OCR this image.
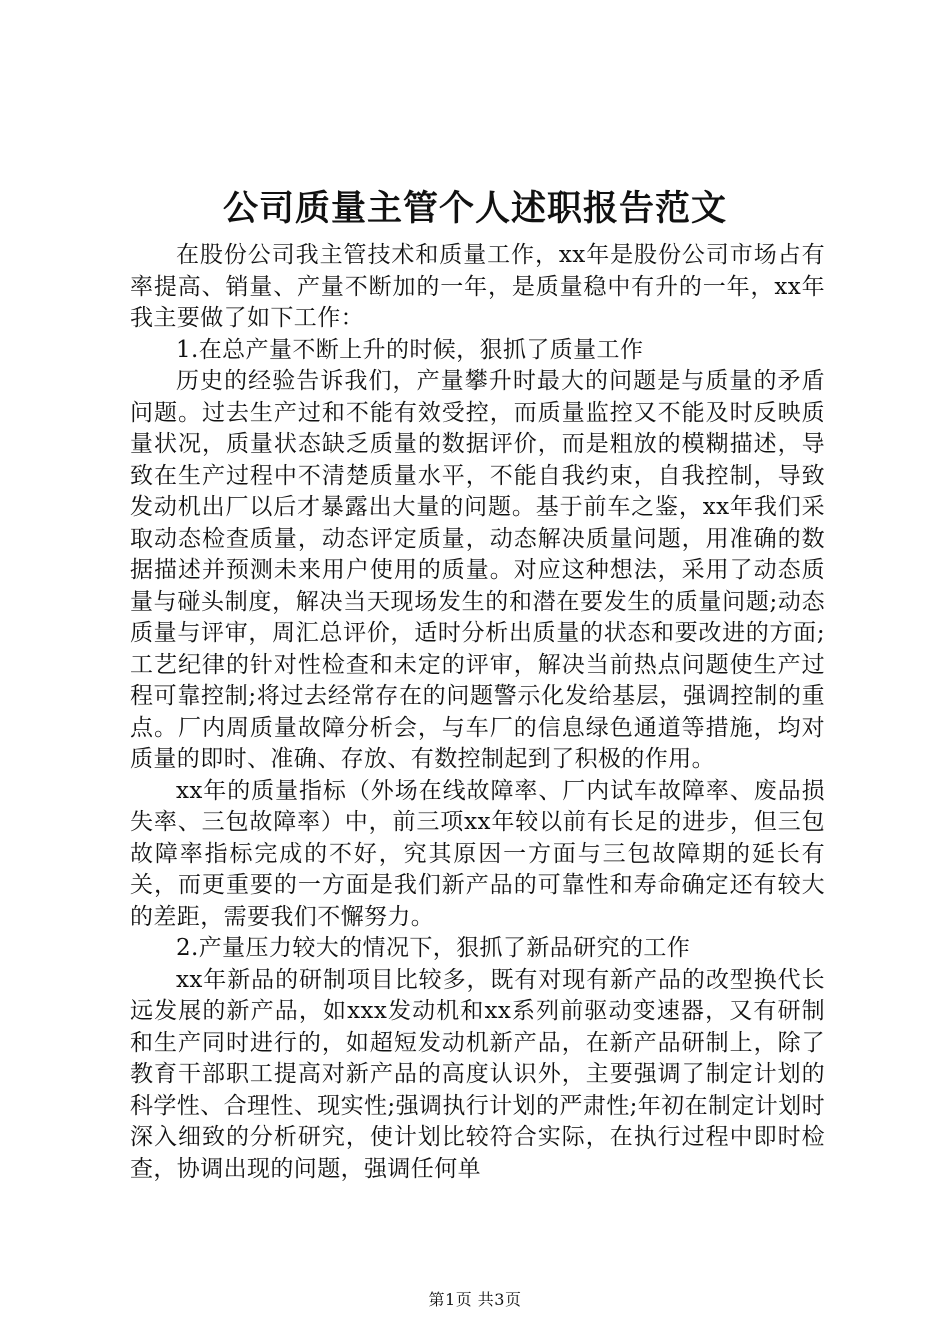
公司质量主管个人述职报告范文

在股份公司我主管技术和质量工作，xx年是股份公司市场占有率提高、销量、产量不断加的一年，是质量稳中有升的一年，xx年我主要做了如下工作：

1.在总产量不断上升的时候，狠抓了质量工作

历史的经验告诉我们，产量攀升时最大的问题是与质量的矛盾问题。过去生产过和不能有效受控，而质量监控又不能及时反映质量状况，质量状态缺乏质量的数据评价，而是粗放的模糊描述，导致在生产过程中不清楚质量水平，不能自我约束，自我控制，导致发动机出厂以后才暴露出大量的问题。基于前车之鉴，xx年我们采取动态检查质量，动态评定质量，动态解决质量问题，用准确的数据描述并预测未来用户使用的质量。对应这种想法，采用了动态质量与碰头制度，解决当天现场发生的和潜在要发生的质量问题;动态质量与评审，周汇总评价，适时分析出质量的状态和要改进的方面;工艺纪律的针对性检查和未定的评审，解决当前热点问题使生产过程可靠控制;将过去经常存在的问题警示化发给基层，强调控制的重点。厂内周质量故障分析会，与车厂的信息绿色通道等措施，均对质量的即时、准确、存放、有数控制起到了积极的作用。

xx年的质量指标（外场在线故障率、厂内试车故障率、废品损失率、三包故障率）中，前三项xx年较以前有长足的进步，但三包故障率指标完成的不好，究其原因一方面与三包故障期的延长有关，而更重要的一方面是我们新产品的可靠性和寿命确定还有较大的差距，需要我们不懈努力。

2.产量压力较大的情况下，狠抓了新品研究的工作

xx年新品的研制项目比较多，既有对现有新产品的改型换代长远发展的新产品，如xxx发动机和xx系列前驱动变速器，又有研制和生产同时进行的，如超短发动机新产品，在新产品研制上，除了教育干部职工提高对新产品的高度认识外，主要强调了制定计划的科学性、合理性、现实性;强调执行计划的严肃性;年初在制定计划时深入细致的分析研究，使计划比较符合实际，在执行过程中即时检查，协调出现的问题，强调任何单

第1页 共3页
